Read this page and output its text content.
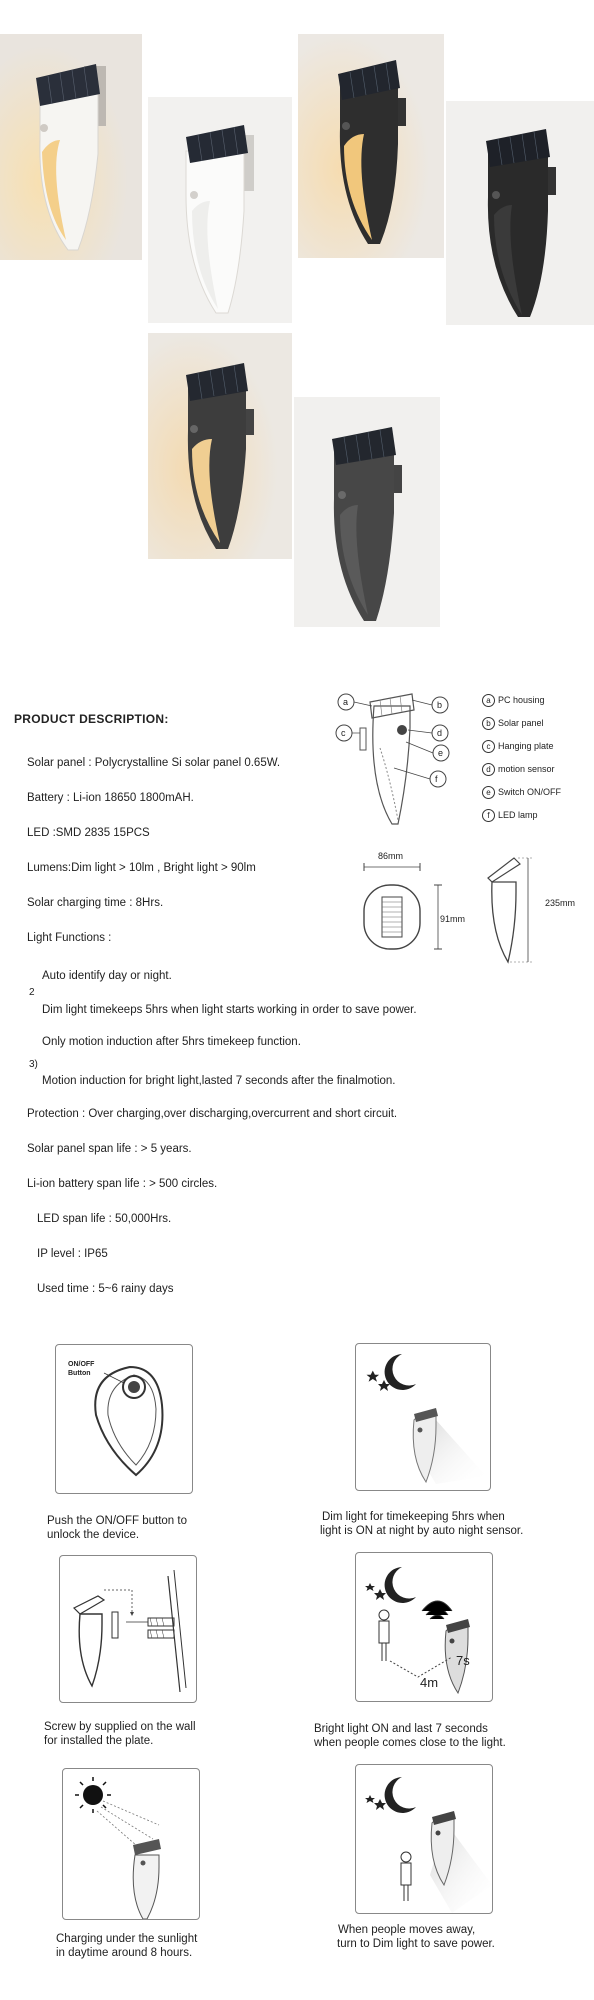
PRODUCT DESCRIPTION:
Solar panel : Polycrystalline Si solar panel 0.65W.
Battery : Li-ion 18650 1800mAH.
LED :SMD 2835 15PCS
Lumens:Dim light > 10lm , Bright light > 90lm
Solar charging time : 8Hrs.
Light Functions :
Auto identify day or night.
2
Dim light timekeeps 5hrs when light starts working in order to save power.
Only motion induction after 5hrs timekeep function.
3)
Motion induction for bright light,lasted 7 seconds after the finalmotion.
Protection : Over charging,over discharging,overcurrent and short circuit.
Solar panel span life : > 5 years.
Li-ion battery span life : > 500 circles.
LED span life : 50,000Hrs.
IP level : IP65
Used time : 5~6 rainy days
a	b
c	d
e
f
a PC housing
b Solar panel
c Hanging plate
d motion sensor
e Switch ON/OFF
f LED lamp
86mm
91mm
235mm
ON/OFF
Button
Push the ON/OFF button to
unlock the device.
Dim light for timekeeping 5hrs when
light is ON at night by auto night sensor.
Screw by supplied on the wall
for installed the plate.
4m
7s
Bright light ON and last 7 seconds
when people comes close to the light.
Charging under the sunlight
in daytime around 8 hours.
When people moves away,
turn to Dim light to save power.
